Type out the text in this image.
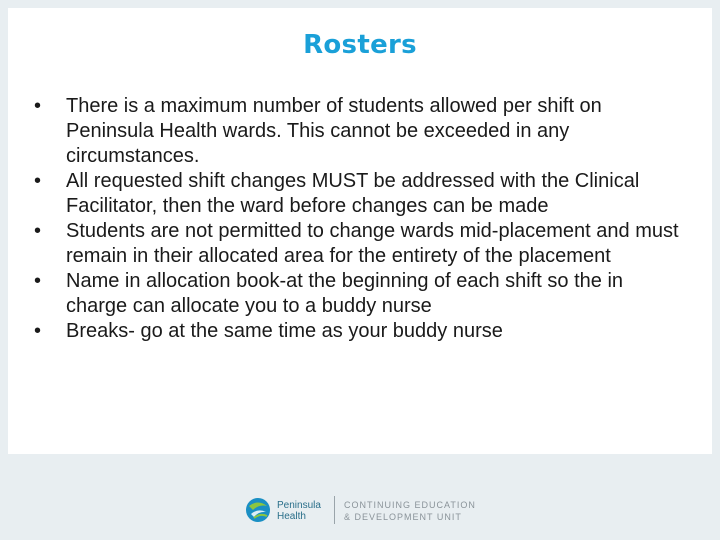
Rosters
•	There is a maximum number of students allowed per shift on Peninsula Health wards. This cannot be exceeded in any circumstances.
•	All requested shift changes MUST be addressed with the Clinical Facilitator, then the ward before changes can be made
•	Students are not permitted to change wards mid-placement and must remain in their allocated area for the entirety of the placement
•	Name in allocation book-at the beginning of each shift so the in charge can allocate you to a buddy nurse
•	Breaks- go at the same time as your buddy nurse
Peninsula
Health
CONTINUING EDUCATION
& DEVELOPMENT UNIT
